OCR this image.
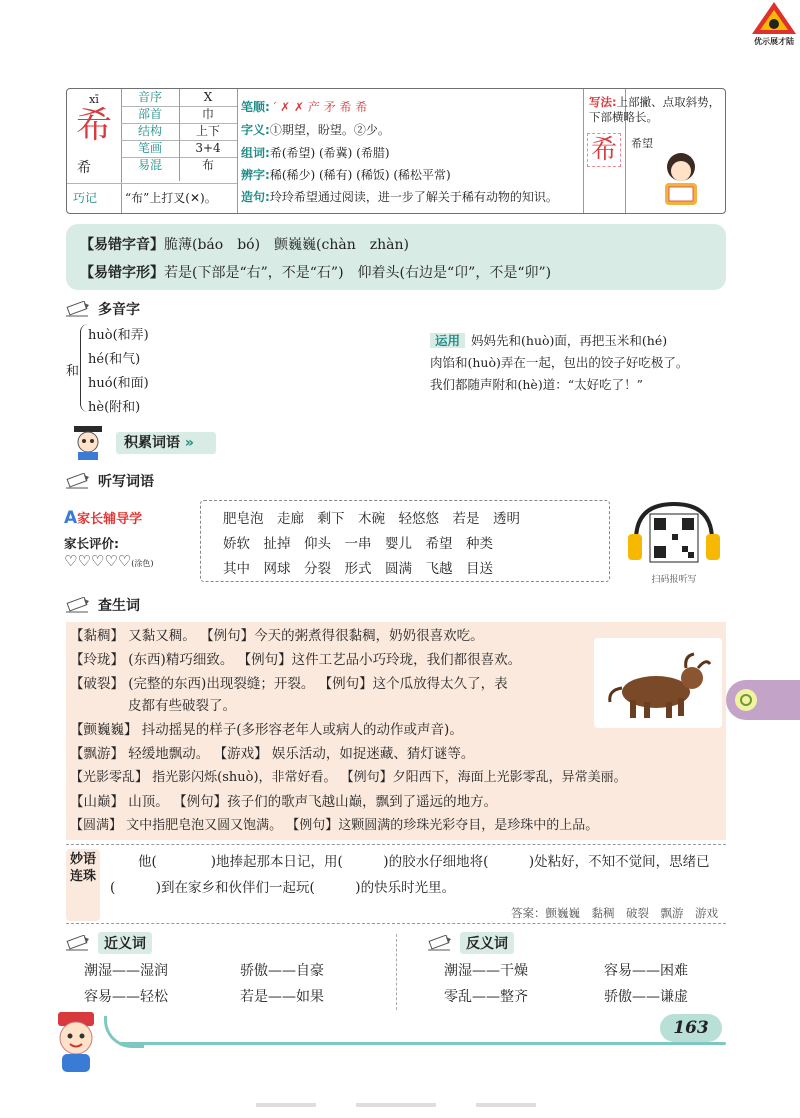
优示展才陆
xī
希
希
音序	X
部首	巾
结构	上下
笔画	3+4
易混	布
巧记 “布”上打叉(✕)。
笔顺: ′ ✗ ✗ 产 矛 希 希
字义:①期望，盼望。②少。
组词:希(希望) (希冀) (希腊)
辨字:稀(稀少) (稀有) (稀饭) (稀松平常)
造句:玲玲希望通过阅读，进一步了解关于稀有动物的知识。
写法:上部撇、点取斜势，下部横略长。
希	希望
【易错字音】脆薄(báo　bó)　颤巍巍(chàn　zhàn)
【易错字形】若是(下部是“右”，不是“石”)　仰着头(右边是“卬”，不是“卯”)
多音字
和
huò(和弄)
hé(和气)
huó(和面)
hè(附和)
运用 妈妈先和(huò)面，再把玉米和(hé)
肉馅和(huò)弄在一起，包出的饺子好吃极了。
我们都随声附和(hè)道：“太好吃了！”
积累词语 »
听写词语
A家长辅导学
家长评价:
♡♡♡♡♡(涂色)
肥皂泡　走廊　剩下　木碗　轻悠悠　若是　透明
娇软　扯掉　仰头　一串　婴儿　希望　种类
其中　网球　分裂　形式　圆满　飞越　目送
扫码报听写
查生词
【黏稠】 又黏又稠。 【例句】今天的粥煮得很黏稠，奶奶很喜欢吃。
【玲珑】 (东西)精巧细致。 【例句】这件工艺品小巧玲珑，我们都很喜欢。
【破裂】 (完整的东西)出现裂缝；开裂。 【例句】这个瓜放得太久了，表
皮都有些破裂了。
【颤巍巍】 抖动摇晃的样子(多形容老年人或病人的动作或声音)。
【飘游】 轻缓地飘动。 【游戏】 娱乐活动，如捉迷藏、猜灯谜等。
【光影零乱】 指光影闪烁(shuò)，非常好看。 【例句】夕阳西下，海面上光影零乱，异常美丽。
【山巅】 山顶。 【例句】孩子们的歌声飞越山巅，飘到了遥远的地方。
【圆满】 文中指肥皂泡又圆又饱满。 【例句】这颗圆满的珍珠光彩夺目，是珍珠中的上品。
妙语连珠
他(　　　　)地捧起那本日记，用(　　　)的胶水仔细地将(　　　)处粘好，不知不觉间，思绪已(　　　)到在家乡和伙伴们一起玩(　　　)的快乐时光里。
答案：颤巍巍　黏稠　破裂　飘游　游戏
近义词
潮湿——湿润	骄傲——自豪
容易——轻松	若是——如果
反义词
潮湿——干燥	容易——困难
零乱——整齐	骄傲——谦虚
163
